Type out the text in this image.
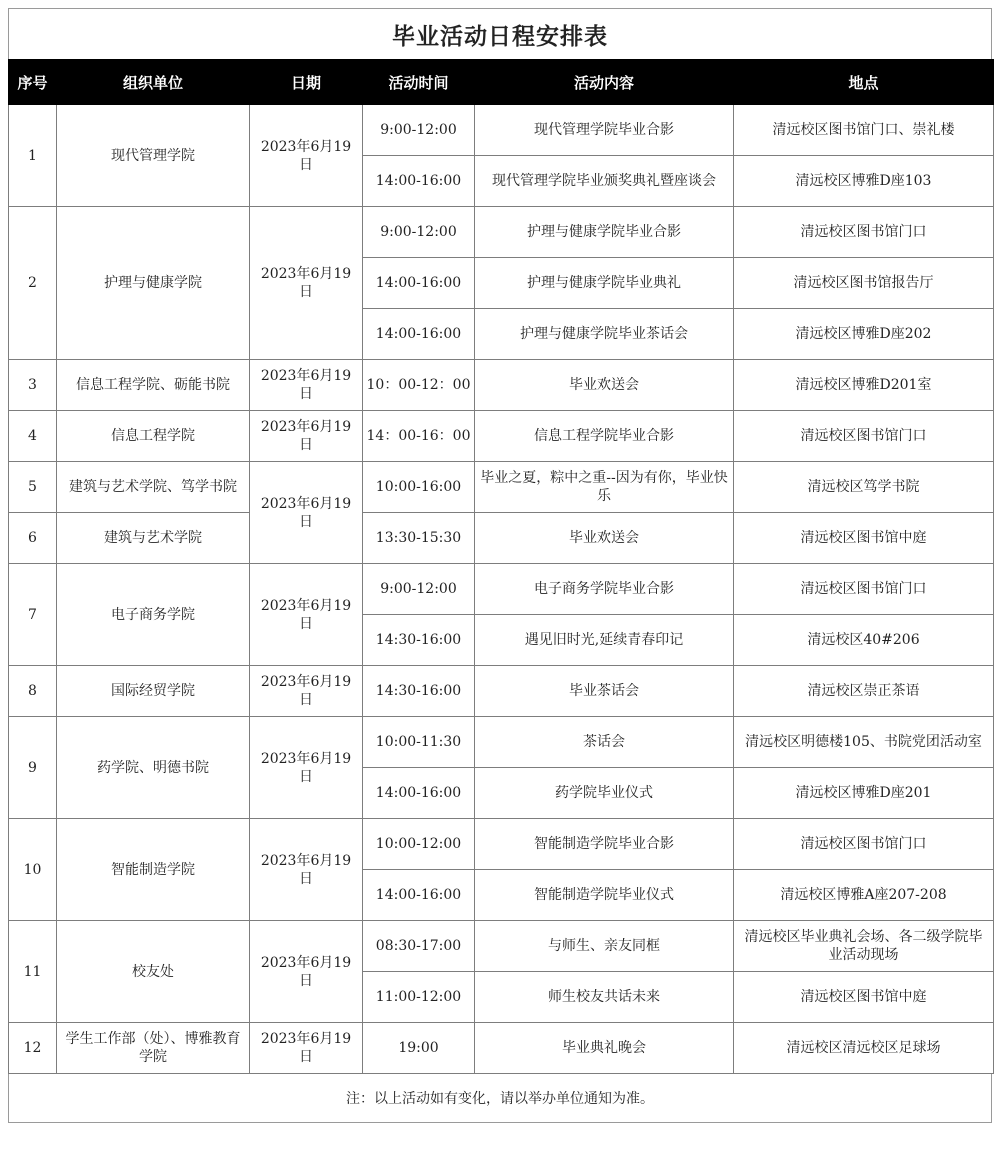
毕业活动日程安排表
序号	组织单位	日期	活动时间	活动内容	地点
1	现代管理学院	2023年6月19日	9:00-12:00	现代管理学院毕业合影	清远校区图书馆门口、崇礼楼
			14:00-16:00	现代管理学院毕业颁奖典礼暨座谈会	清远校区博雅D座103
2	护理与健康学院	2023年6月19日	9:00-12:00	护理与健康学院毕业合影	清远校区图书馆门口
			14:00-16:00	护理与健康学院毕业典礼	清远校区图书馆报告厅
			14:00-16:00	护理与健康学院毕业茶话会	清远校区博雅D座202
3	信息工程学院、砺能书院	2023年6月19日	10：00-12：00	毕业欢送会	清远校区博雅D201室
4	信息工程学院	2023年6月19日	14：00-16：00	信息工程学院毕业合影	清远校区图书馆门口
5	建筑与艺术学院、笃学书院	2023年6月19日	10:00-16:00	毕业之夏，粽中之重--因为有你，毕业快乐	清远校区笃学书院
6	建筑与艺术学院		13:30-15:30	毕业欢送会	清远校区图书馆中庭
7	电子商务学院	2023年6月19日	9:00-12:00	电子商务学院毕业合影	清远校区图书馆门口
			14:30-16:00	遇见旧时光,延续青春印记	清远校区40#206
8	国际经贸学院	2023年6月19日	14:30-16:00	毕业茶话会	清远校区崇正茶语
9	药学院、明德书院	2023年6月19日	10:00-11:30	茶话会	清远校区明德楼105、书院党团活动室
			14:00-16:00	药学院毕业仪式	清远校区博雅D座201
10	智能制造学院	2023年6月19日	10:00-12:00	智能制造学院毕业合影	清远校区图书馆门口
			14:00-16:00	智能制造学院毕业仪式	清远校区博雅A座207-208
11	校友处	2023年6月19日	08:30-17:00	与师生、亲友同框	清远校区毕业典礼会场、各二级学院毕业活动现场
			11:00-12:00	师生校友共话未来	清远校区图书馆中庭
12	学生工作部（处）、博雅教育学院	2023年6月19日	19:00	毕业典礼晚会	清远校区清远校区足球场
注：以上活动如有变化，请以举办单位通知为准。
